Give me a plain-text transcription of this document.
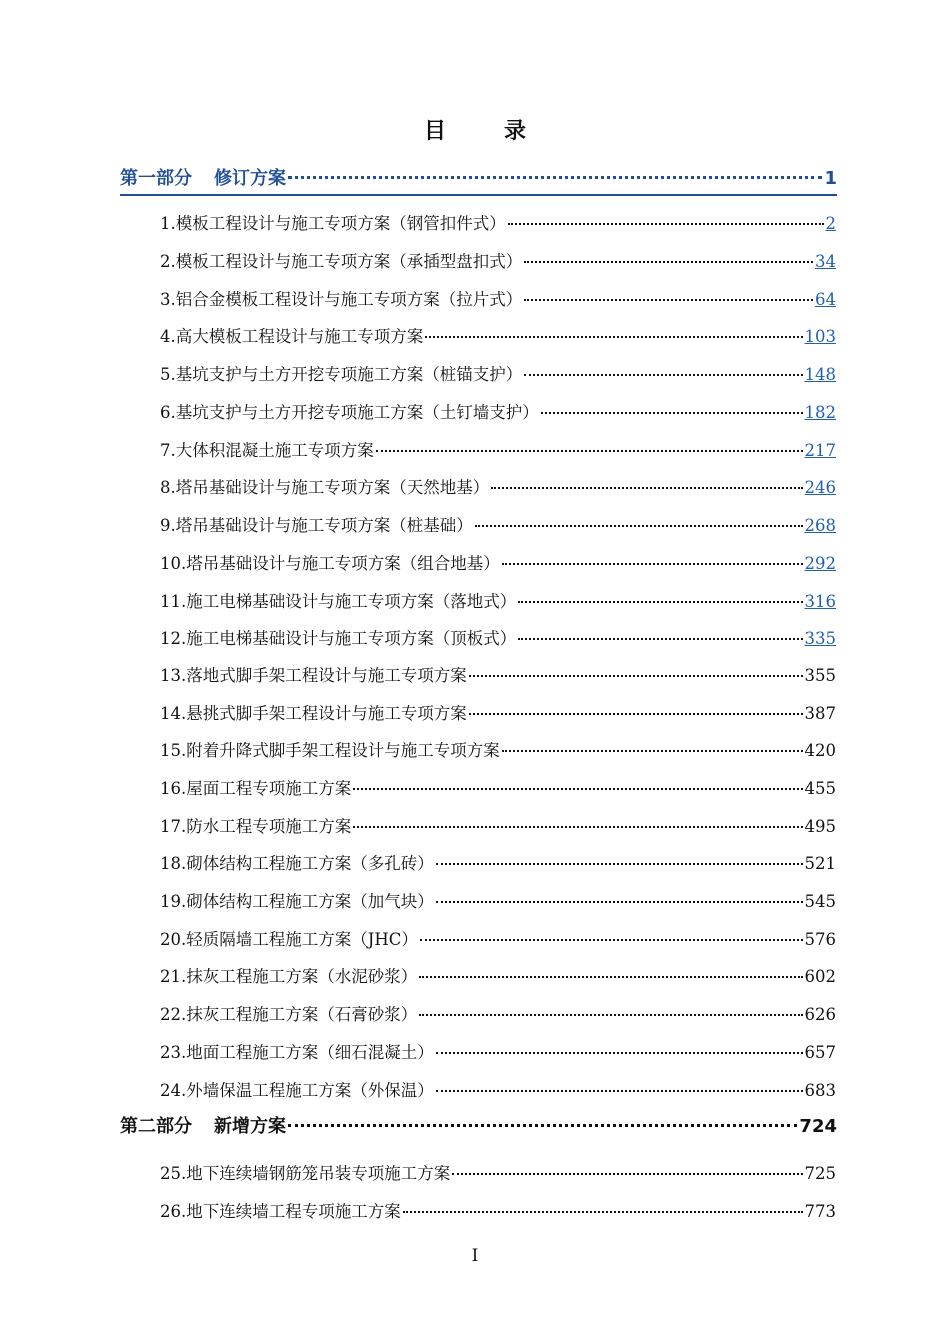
目　录
第一部分 修订方案	1
1.模板工程设计与施工专项方案（钢管扣件式）	2
2.模板工程设计与施工专项方案（承插型盘扣式）	34
3.铝合金模板工程设计与施工专项方案（拉片式）	64
4.高大模板工程设计与施工专项方案	103
5.基坑支护与土方开挖专项施工方案（桩锚支护）	148
6.基坑支护与土方开挖专项施工方案（土钉墙支护）	182
7.大体积混凝土施工专项方案	217
8.塔吊基础设计与施工专项方案（天然地基）	246
9.塔吊基础设计与施工专项方案（桩基础）	268
10.塔吊基础设计与施工专项方案（组合地基）	292
11.施工电梯基础设计与施工专项方案（落地式）	316
12.施工电梯基础设计与施工专项方案（顶板式）	335
13.落地式脚手架工程设计与施工专项方案	355
14.悬挑式脚手架工程设计与施工专项方案	387
15.附着升降式脚手架工程设计与施工专项方案	420
16.屋面工程专项施工方案	455
17.防水工程专项施工方案	495
18.砌体结构工程施工方案（多孔砖）	521
19.砌体结构工程施工方案（加气块）	545
20.轻质隔墙工程施工方案（JHC）	576
21.抹灰工程施工方案（水泥砂浆）	602
22.抹灰工程施工方案（石膏砂浆）	626
23.地面工程施工方案（细石混凝土）	657
24.外墙保温工程施工方案（外保温）	683
第二部分 新增方案	724
25.地下连续墙钢筋笼吊装专项施工方案	725
26.地下连续墙工程专项施工方案	773
I
